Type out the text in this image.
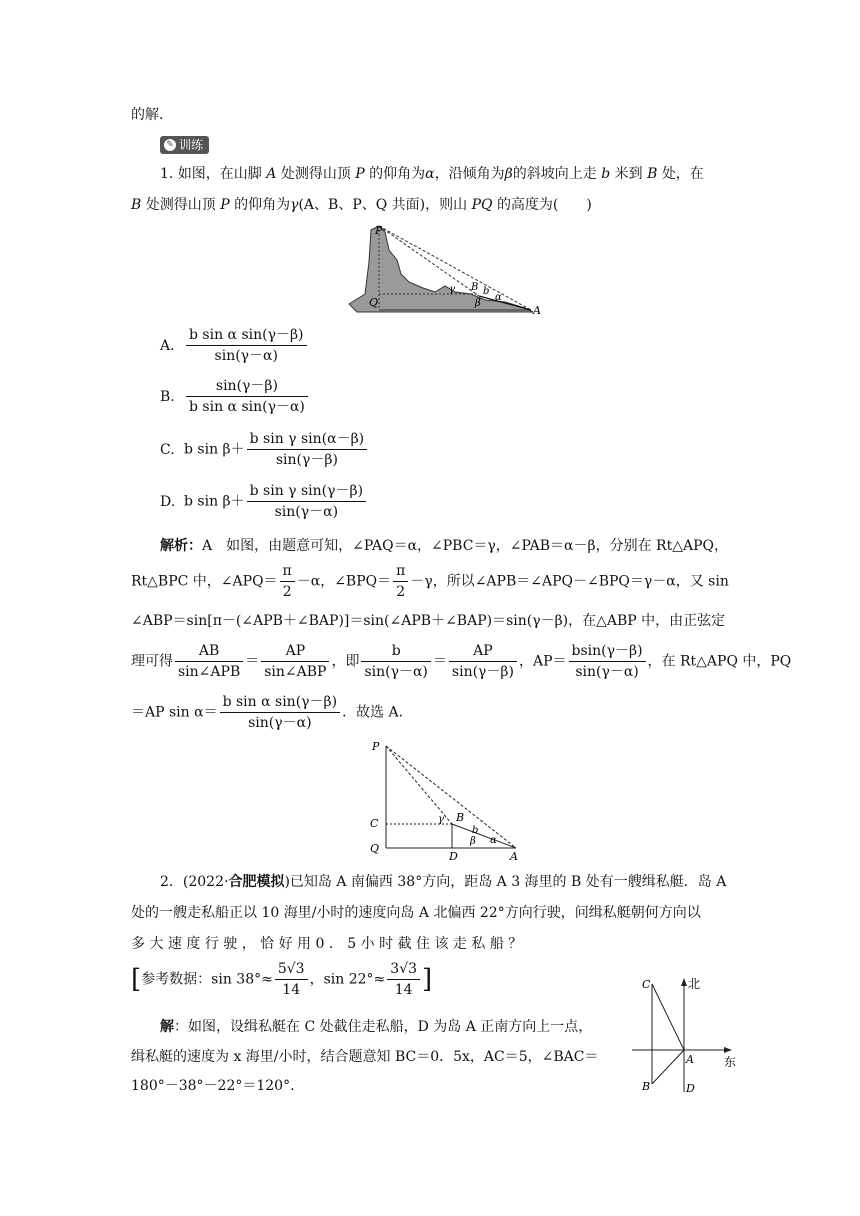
的解.
✎ 训练
1. 如图，在山脚 A 处测得山顶 P 的仰角为α，沿倾角为β的斜坡向上走 b 米到 B 处，在
B 处测得山顶 P 的仰角为γ(A、B、P、Q 共面)，则山 PQ 的高度为(　　)
P
Q
A
B
γ	b
α
β
A. $\frac{\text{b sin α sin(γ－β)}}{\sin(\gamma-\alpha)}$
B. $\frac{\sin(\gamma-\beta)}{\text{b sin α sin(γ－α)}}$
C. b $\sin \beta+ \frac{\text{b sin γ sin(α－β)}}{\sin(\gamma-\beta)}$
D. b $\sin \beta+ \frac{\text{b sin γ sin(γ－β)}}{\sin(\gamma-\alpha)}$
解析：A　如图，由题意可知，∠PAQ＝α，∠PBC＝γ，∠PAB＝α－β，分别在 Rt△APQ，
Rt△BPC 中，∠APQ＝ $\frac{\pi}{2} -\alpha$，∠BPQ＝ $\frac{\pi}{2} -\gamma$，所以∠APB＝∠APQ－∠BPQ＝γ－α，又 sin
∠ABP＝sin[π－(∠APB＋∠BAP)]＝sin(∠APB＋∠BAP)＝sin(γ－β)，在△ABP 中，由正弦定
理可得 $\frac{AB}{\text{sin∠APB}} = \frac{AP}{\text{sin∠ABP}}$ ，即 $\frac{b}{\sin(\gamma-\alpha)} = \frac{AP}{\sin(\gamma-\beta)}$ ，$AP= \frac{bsin(\gamma-\beta)}{\sin(\gamma-\alpha)}$ ，在 Rt△APQ 中，PQ
＝AP $\sin \alpha= \frac{\text{b sin α sin(γ－β)}}{\sin(\gamma-\alpha)}$ ．故选 A.
P
C
Q
D	A
B
γ
b
α
β
2．(2022·合肥模拟)已知岛 A 南偏西 38°方向，距岛 A 3 海里的 B 处有一艘缉私艇．岛 A
处的一艘走私船正以 10 海里/小时的速度向岛 A 北偏西 22°方向行驶，问缉私艇朝何方向以
多 大 速 度 行 驶 ， 恰 好 用 0 ． 5 小 时 截 住 该 走 私 船 ？
[参考数据：$\sin 38^\circ\approx \frac{5√3}{14}$ ，$\sin 22^\circ\approx \frac{3√3}{14}$ ]
解：如图，设缉私艇在 C 处截住走私船，D 为岛 A 正南方向上一点，
缉私艇的速度为 x 海里/小时，结合题意知 BC＝0．5x，AC＝5，∠BAC＝
180°－38°－22°＝120°.
C	北
东
A
B	D
